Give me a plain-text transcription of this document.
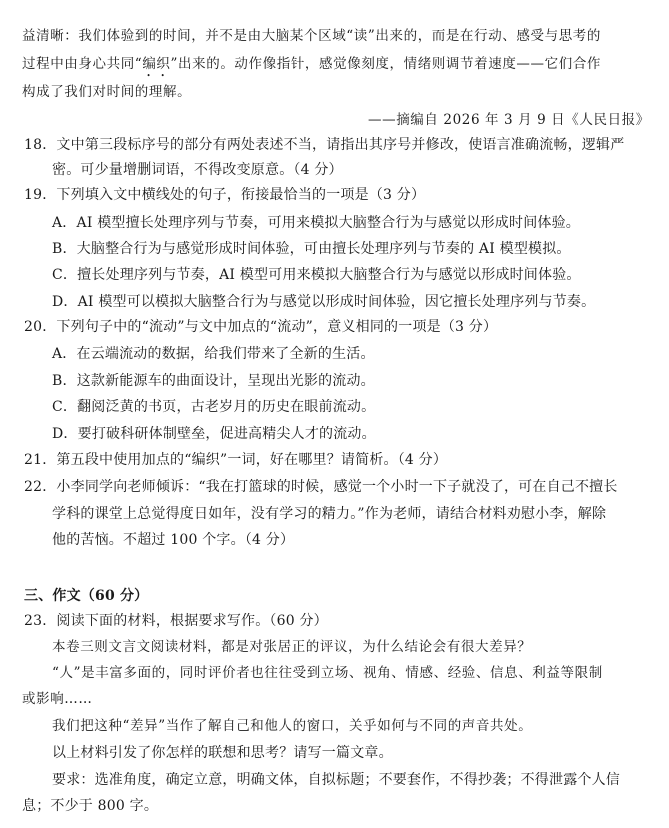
益清晰：我们体验到的时间，并不是由大脑某个区域“读”出来的，而是在行动、感受与思考的
过程中由身心共同“编织”出来的。动作像指针，感觉像刻度，情绪则调节着速度——它们合作
构成了我们对时间的理解。
——摘编自 2026 年 3 月 9 日《人民日报》
18．文中第三段标序号的部分有两处表述不当，请指出其序号并修改，使语言准确流畅，逻辑严
密。可少量增删词语，不得改变原意。（4 分）
19．下列填入文中横线处的句子，衔接最恰当的一项是（3 分）
A．AI 模型擅长处理序列与节奏，可用来模拟大脑整合行为与感觉以形成时间体验。
B．大脑整合行为与感觉形成时间体验，可由擅长处理序列与节奏的 AI 模型模拟。
C．擅长处理序列与节奏，AI 模型可用来模拟大脑整合行为与感觉以形成时间体验。
D．AI 模型可以模拟大脑整合行为与感觉以形成时间体验，因它擅长处理序列与节奏。
20．下列句子中的“流动”与文中加点的“流动”，意义相同的一项是（3 分）
A．在云端流动的数据，给我们带来了全新的生活。
B．这款新能源车的曲面设计，呈现出光影的流动。
C．翻阅泛黄的书页，古老岁月的历史在眼前流动。
D．要打破科研体制壁垒，促进高精尖人才的流动。
21．第五段中使用加点的“编织”一词，好在哪里？请简析。（4 分）
22．小李同学向老师倾诉：“我在打篮球的时候，感觉一个小时一下子就没了，可在自己不擅长
学科的课堂上总觉得度日如年，没有学习的精力。”作为老师，请结合材料劝慰小李，解除
他的苦恼。不超过 100 个字。（4 分）
三、作文（60 分）
23．阅读下面的材料，根据要求写作。（60 分）
本卷三则文言文阅读材料，都是对张居正的评议，为什么结论会有很大差异？
“人”是丰富多面的，同时评价者也往往受到立场、视角、情感、经验、信息、利益等限制
或影响……
我们把这种“差异”当作了解自己和他人的窗口，关乎如何与不同的声音共处。
以上材料引发了你怎样的联想和思考？请写一篇文章。
要求：选准角度，确定立意，明确文体，自拟标题；不要套作，不得抄袭；不得泄露个人信
息；不少于 800 字。
